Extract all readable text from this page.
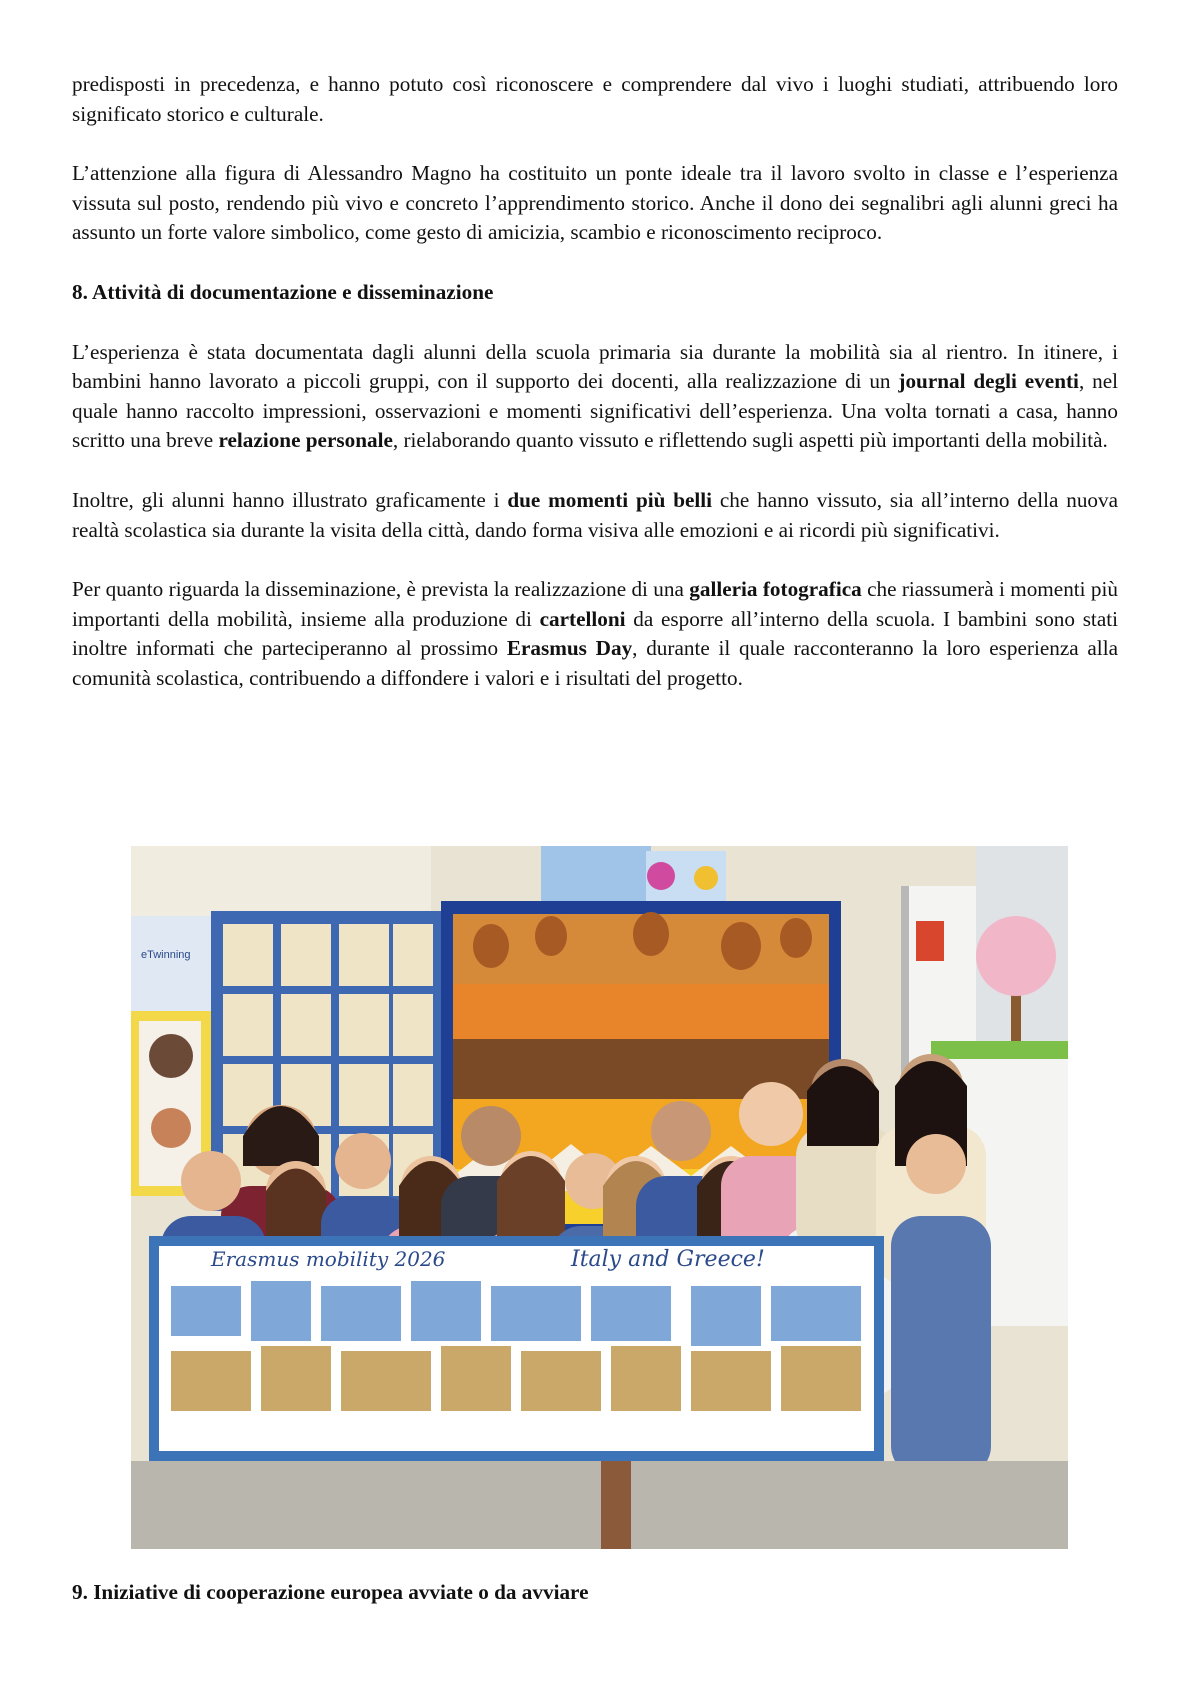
predisposti in precedenza, e hanno potuto così riconoscere e comprendere dal vivo i luoghi studiati, attribuendo loro significato storico e culturale.

L’attenzione alla figura di Alessandro Magno ha costituito un ponte ideale tra il lavoro svolto in classe e l’esperienza vissuta sul posto, rendendo più vivo e concreto l’apprendimento storico. Anche il dono dei segnalibri agli alunni greci ha assunto un forte valore simbolico, come gesto di amicizia, scambio e riconoscimento reciproco.

8. Attività di documentazione e disseminazione

L’esperienza è stata documentata dagli alunni della scuola primaria sia durante la mobilità sia al rientro. In itinere, i bambini hanno lavorato a piccoli gruppi, con il supporto dei docenti, alla realizzazione di un journal degli eventi, nel quale hanno raccolto impressioni, osservazioni e momenti significativi dell’esperienza. Una volta tornati a casa, hanno scritto una breve relazione personale, rielaborando quanto vissuto e riflettendo sugli aspetti più importanti della mobilità.

Inoltre, gli alunni hanno illustrato graficamente i due momenti più belli che hanno vissuto, sia all’interno della nuova realtà scolastica sia durante la visita della città, dando forma visiva alle emozioni e ai ricordi più significativi.

Per quanto riguarda la disseminazione, è prevista la realizzazione di una galleria fotografica che riassumerà i momenti più importanti della mobilità, insieme alla produzione di cartelloni da esporre all’interno della scuola. I bambini sono stati inoltre informati che parteciperanno al prossimo Erasmus Day, durante il quale racconteranno la loro esperienza alla comunità scolastica, contribuendo a diffondere i valori e i risultati del progetto.

eTwinning
Erasmus mobility 2026	Italy and Greece!
9. Iniziative di cooperazione europea avviate o da avviare
